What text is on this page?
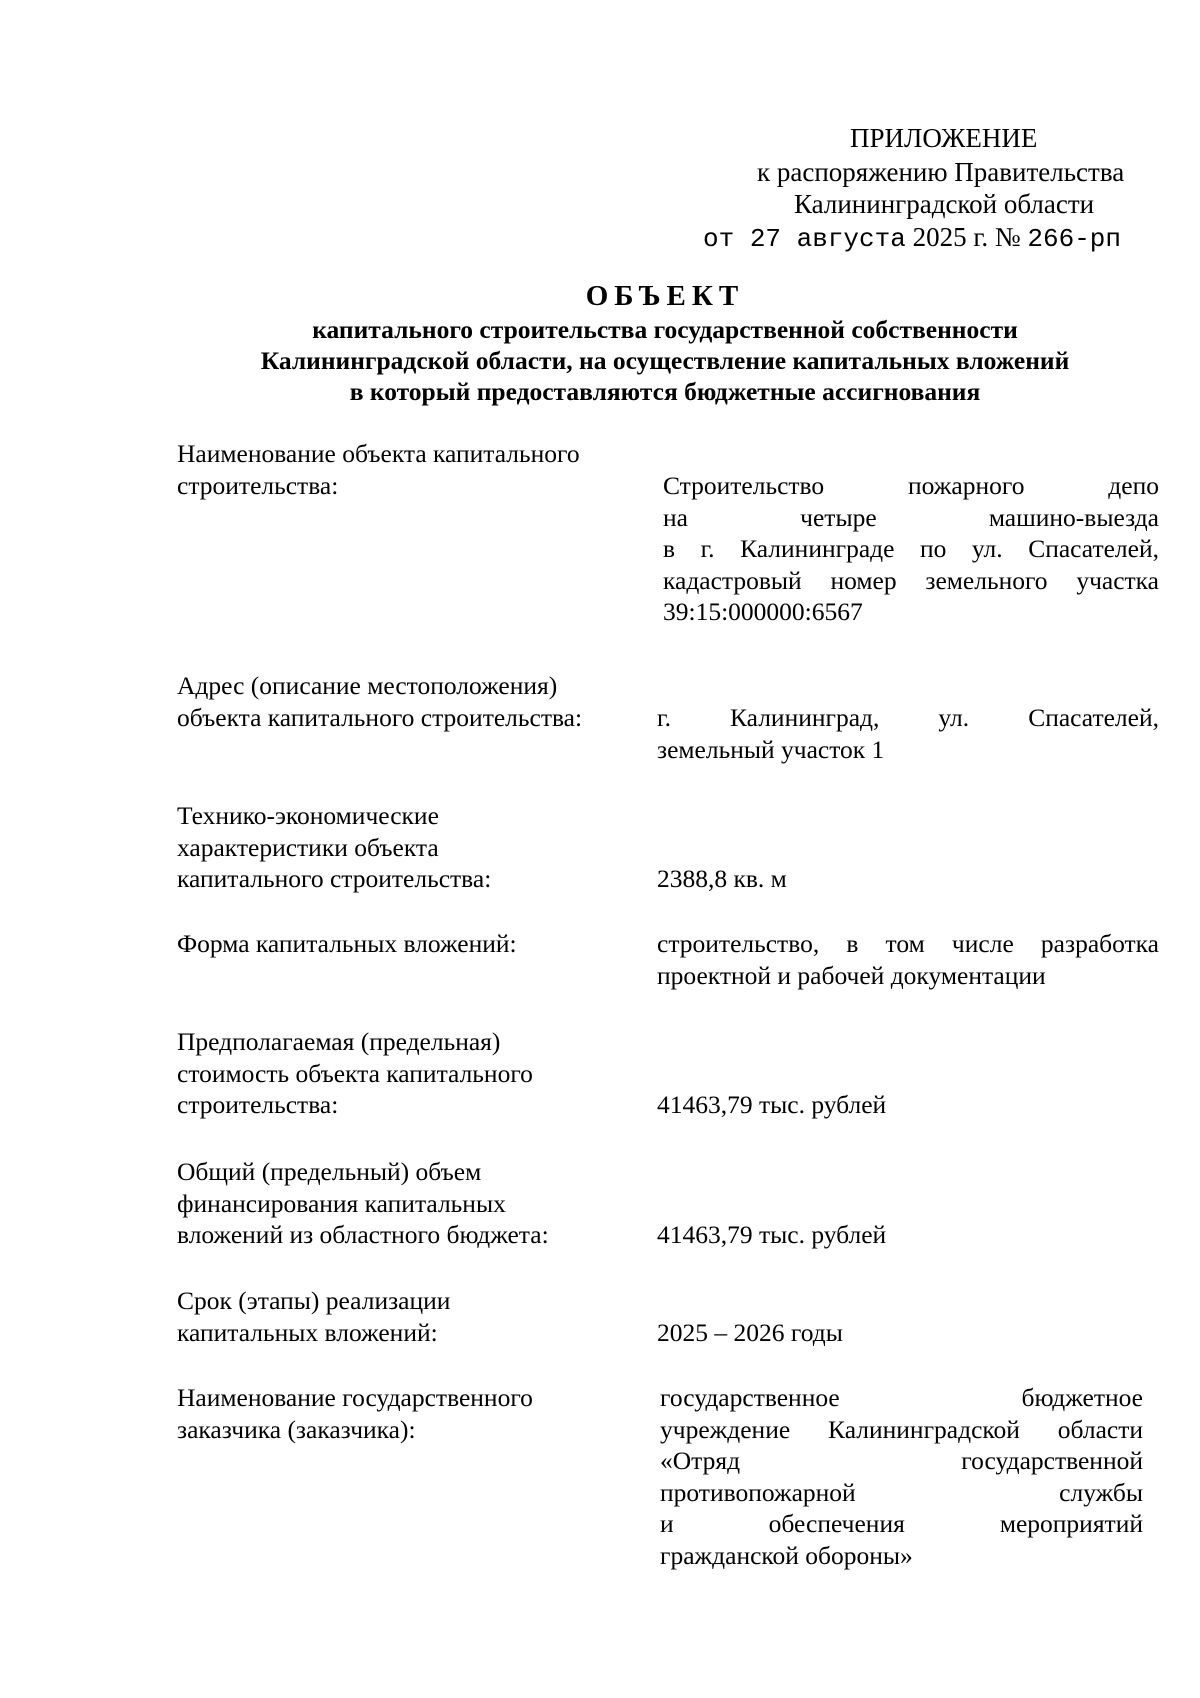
ПРИЛОЖЕНИЕ
к распоряжению Правительства
Калининградской области
от 27 августа 2025 г. № 266-рп
ОБЪЕКТ
капитального строительства государственной собственности
Калининградской области, на осуществление капитальных вложений
в который предоставляются бюджетные ассигнования
Наименование объекта капитального
строительства:	Строительство пожарного депо
на четыре машино-выезда
в г. Калининграде по ул. Спасателей,
кадастровый номер земельного участка
39:15:000000:6567
Адрес (описание местоположения)
объекта капитального строительства:	г. Калининград, ул. Спасателей,
земельный участок 1
Технико-экономические
характеристики объекта
капитального строительства:	2388,8 кв. м
Форма капитальных вложений:	строительство, в том числе разработка
проектной и рабочей документации
Предполагаемая (предельная)
стоимость объекта капитального
строительства:	41463,79 тыс. рублей
Общий (предельный) объем
финансирования капитальных
вложений из областного бюджета:	41463,79 тыс. рублей
Срок (этапы) реализации
капитальных вложений:	2025 – 2026 годы
Наименование государственного
заказчика (заказчика):
государственное бюджетное
учреждение Калининградской области
«Отряд государственной
противопожарной службы
и обеспечения мероприятий
гражданской обороны»
